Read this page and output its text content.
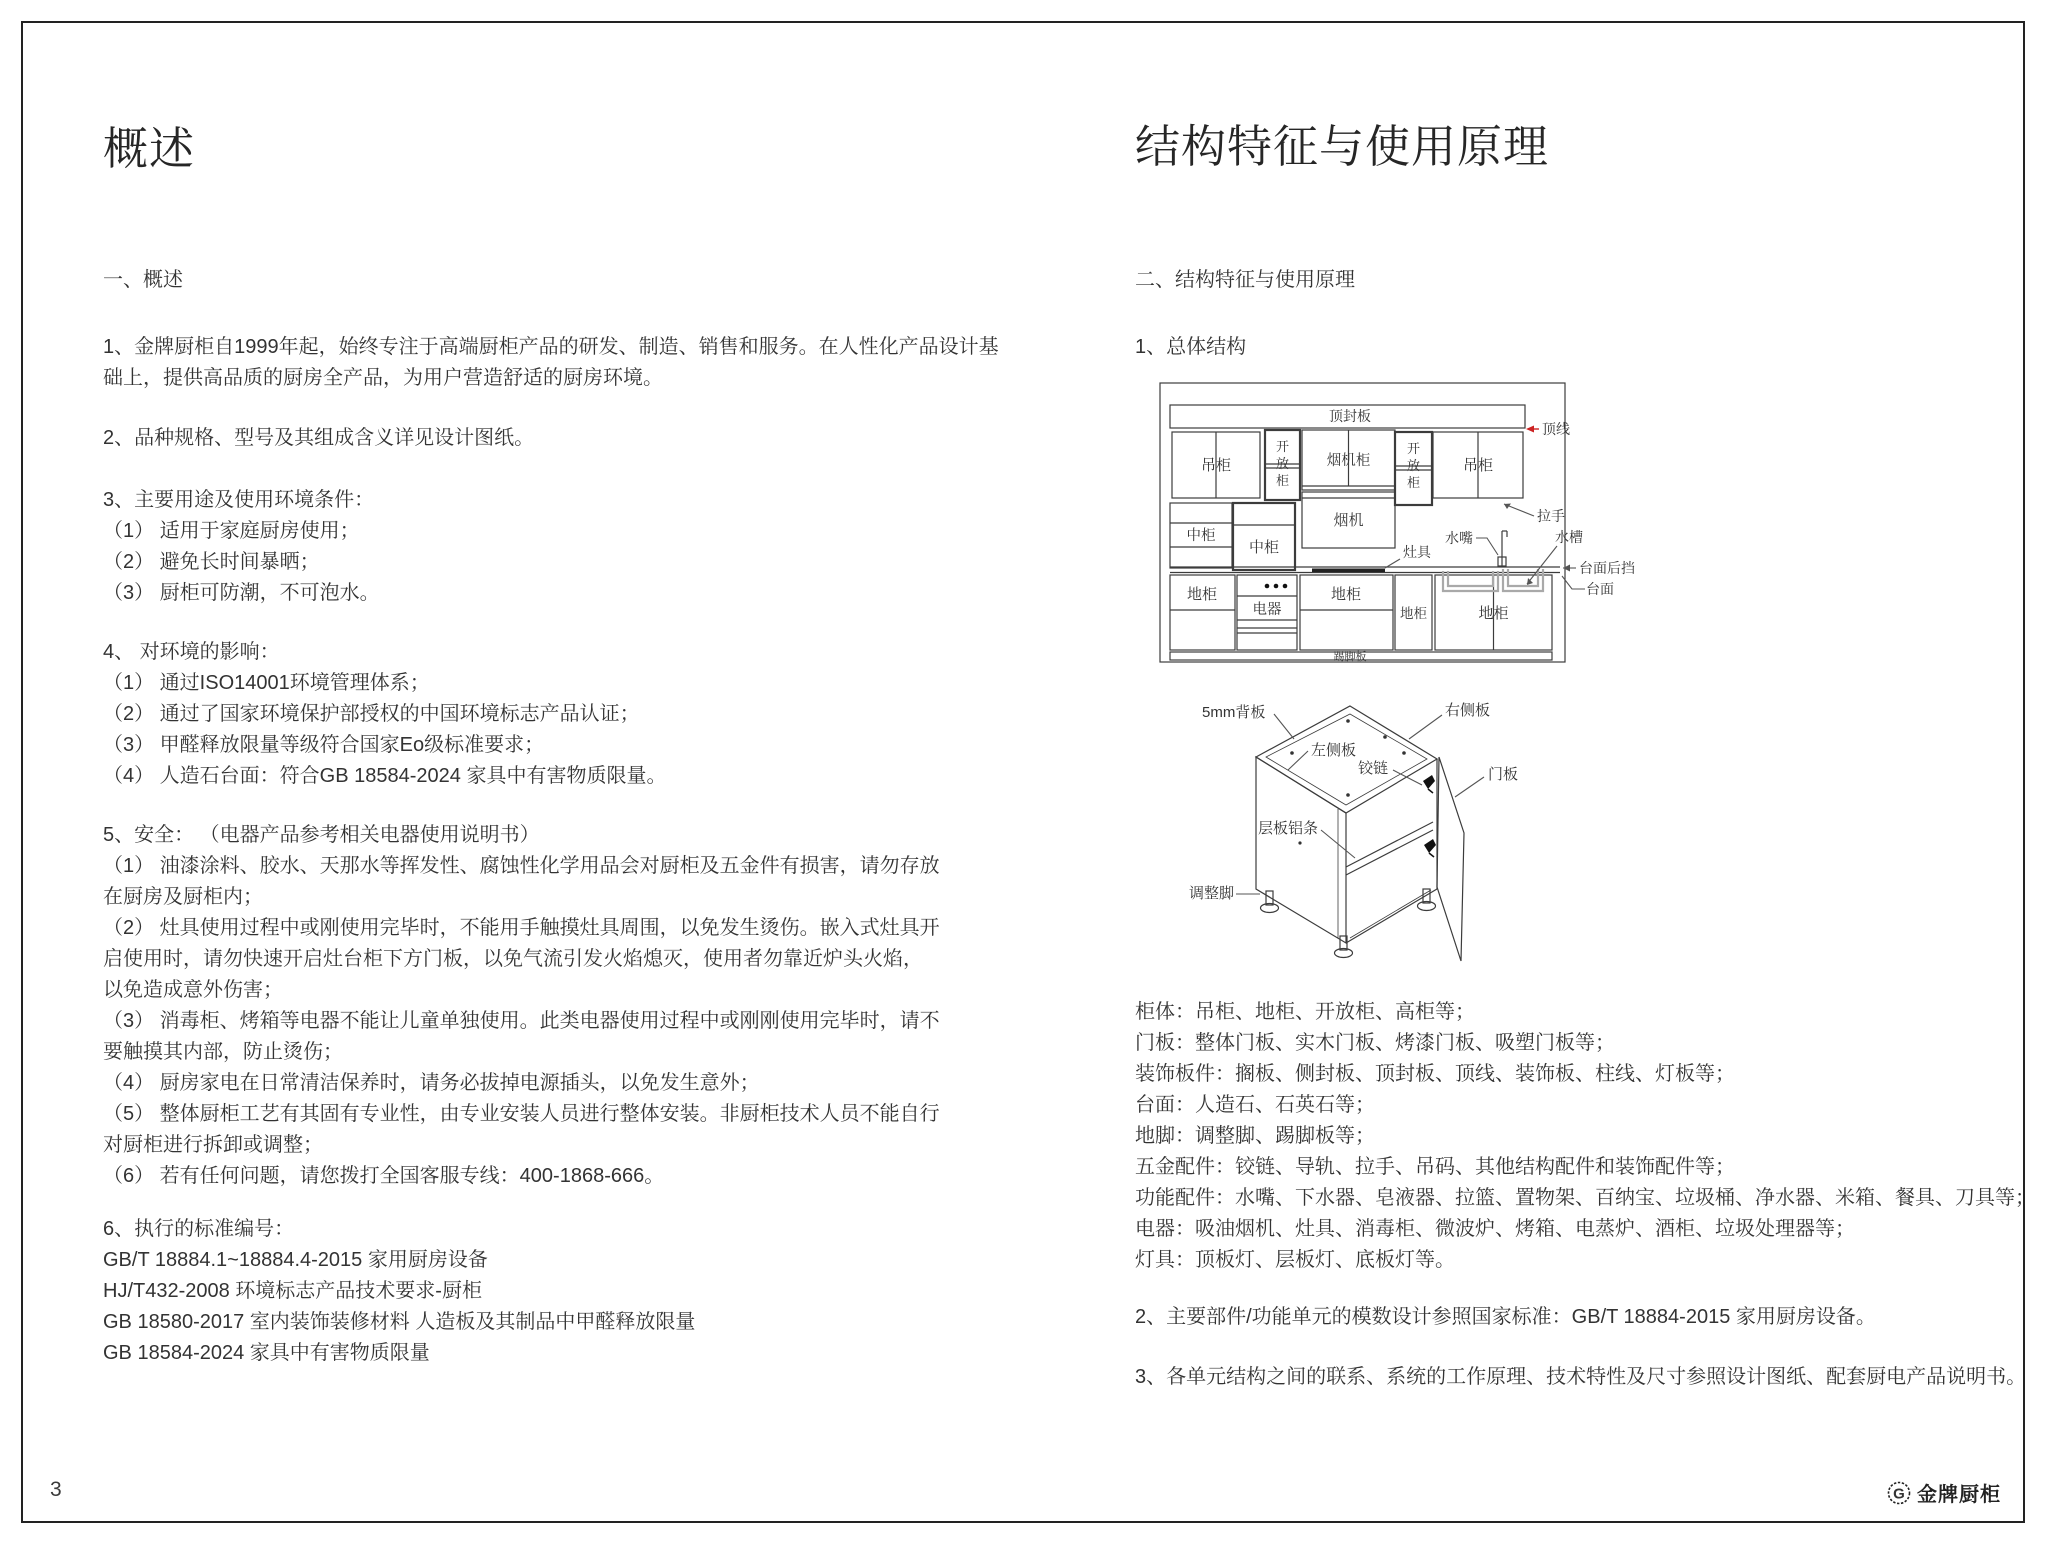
概述
一、概述
1、金牌厨柜自1999年起，始终专注于高端厨柜产品的研发、制造、销售和服务。在人性化产品设计基
础上，提供高品质的厨房全产品，为用户营造舒适的厨房环境。
2、品种规格、型号及其组成含义详见设计图纸。
3、主要用途及使用环境条件：
（1） 适用于家庭厨房使用；
（2） 避免长时间暴晒；
（3） 厨柜可防潮，不可泡水。
4、 对环境的影响：
（1） 通过ISO14001环境管理体系；
（2） 通过了国家环境保护部授权的中国环境标志产品认证；
（3） 甲醛释放限量等级符合国家Eo级标准要求；
（4） 人造石台面：符合GB 18584-2024 家具中有害物质限量。
5、安全： （电器产品参考相关电器使用说明书）
（1） 油漆涂料、胶水、天那水等挥发性、腐蚀性化学用品会对厨柜及五金件有损害，请勿存放
在厨房及厨柜内；
（2） 灶具使用过程中或刚使用完毕时，不能用手触摸灶具周围，以免发生烫伤。嵌入式灶具开
启使用时，请勿快速开启灶台柜下方门板，以免气流引发火焰熄灭，使用者勿靠近炉头火焰，
以免造成意外伤害；
（3） 消毒柜、烤箱等电器不能让儿童单独使用。此类电器使用过程中或刚刚使用完毕时，请不
要触摸其内部，防止烫伤；
（4） 厨房家电在日常清洁保养时，请务必拔掉电源插头，以免发生意外；
（5） 整体厨柜工艺有其固有专业性，由专业安装人员进行整体安装。非厨柜技术人员不能自行
对厨柜进行拆卸或调整；
（6） 若有任何问题，请您拨打全国客服专线：400-1868-666。
6、执行的标准编号：
GB/T 18884.1~18884.4-2015 家用厨房设备
HJ/T432-2008 环境标志产品技术要求-厨柜
GB 18580-2017 室内装饰装修材料 人造板及其制品中甲醛释放限量
GB 18584-2024 家具中有害物质限量
结构特征与使用原理
二、结构特征与使用原理
1、总体结构
顶封板
顶线
吊柜
开
放
柜
烟机柜
开
放
柜
吊柜
烟机
中柜
中柜
拉手
水嘴	水槽
灶具
台面后挡
台面
地柜
电器
地柜
地柜	地柜
踢脚板
5mm背板	右侧板
左侧板
铰链	门板
层板铝条
调整脚
柜体：吊柜、地柜、开放柜、高柜等；
门板：整体门板、实木门板、烤漆门板、吸塑门板等；
装饰板件：搁板、侧封板、顶封板、顶线、装饰板、柱线、灯板等；
台面：人造石、石英石等；
地脚：调整脚、踢脚板等；
五金配件：铰链、导轨、拉手、吊码、其他结构配件和装饰配件等；
功能配件：水嘴、下水器、皂液器、拉篮、置物架、百纳宝、垃圾桶、净水器、米箱、餐具、刀具等；
电器：吸油烟机、灶具、消毒柜、微波炉、烤箱、电蒸炉、酒柜、垃圾处理器等；
灯具：顶板灯、层板灯、底板灯等。
2、主要部件/功能单元的模数设计参照国家标准：GB/T 18884-2015 家用厨房设备。
3、各单元结构之间的联系、系统的工作原理、技术特性及尺寸参照设计图纸、配套厨电产品说明书。
3	G 金牌厨柜
